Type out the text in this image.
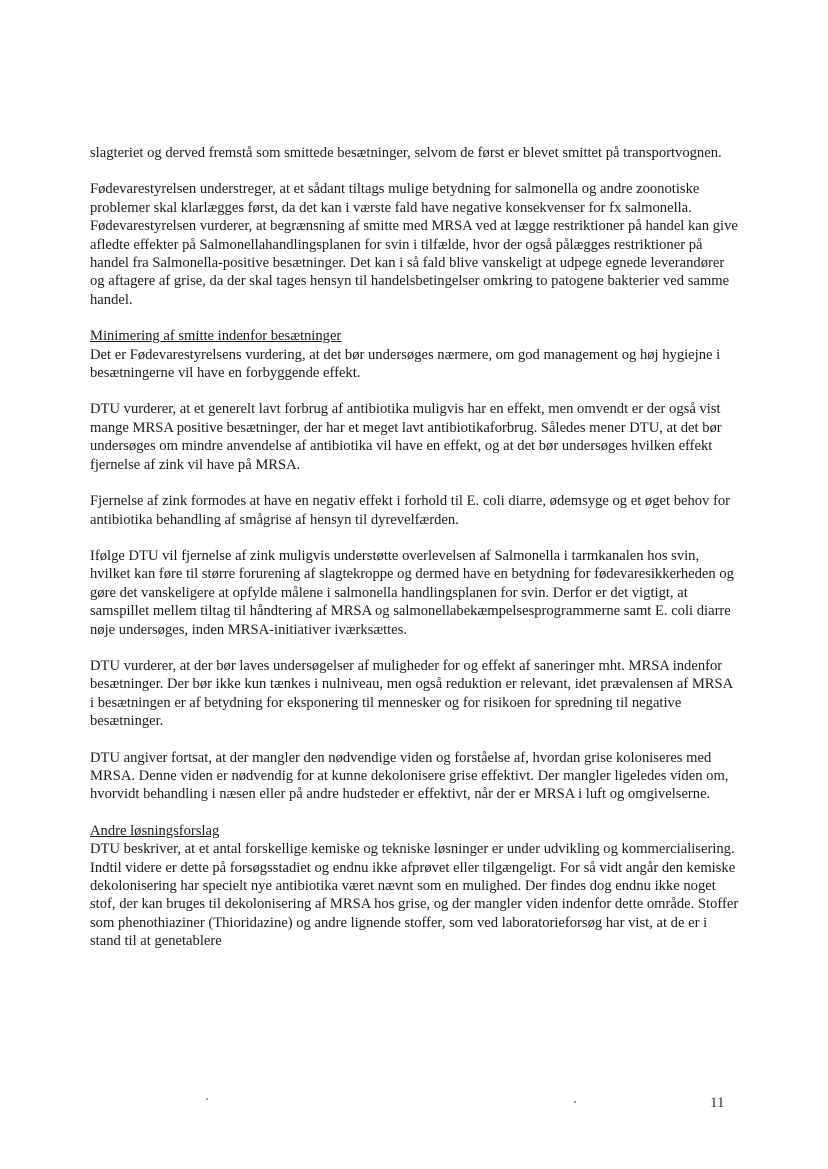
slagteriet og derved fremstå som smittede besætninger, selvom de først er blevet smittet på transportvognen.

Fødevarestyrelsen understreger, at et sådant tiltags mulige betydning for salmonella og andre zoonotiske problemer skal klarlægges først, da det kan i værste fald have negative konsekvenser for fx salmonella. Fødevarestyrelsen vurderer, at begrænsning af smitte med MRSA ved at lægge restriktioner på handel kan give afledte effekter på Salmonellahandlingsplanen for svin i tilfælde, hvor der også pålægges restriktioner på handel fra Salmonella-positive besætninger. Det kan i så fald blive vanskeligt at udpege egnede leverandører og aftagere af grise, da der skal tages hensyn til handelsbetingelser omkring to patogene bakterier ved samme handel.

Minimering af smitte indenfor besætninger

Det er Fødevarestyrelsens vurdering, at det bør undersøges nærmere, om god management og høj hygiejne i besætningerne vil have en forbyggende effekt.

DTU vurderer, at et generelt lavt forbrug af antibiotika muligvis har en effekt, men omvendt er der også vist mange MRSA positive besætninger, der har et meget lavt antibiotikaforbrug. Således mener DTU, at det bør undersøges om mindre anvendelse af antibiotika vil have en effekt, og at det bør undersøges hvilken effekt fjernelse af zink vil have på MRSA.

Fjernelse af zink formodes at have en negativ effekt i forhold til E. coli diarre, ødemsyge og et øget behov for antibiotika behandling af smågrise af hensyn til dyrevelfærden.

Ifølge DTU vil fjernelse af zink muligvis understøtte overlevelsen af Salmonella i tarmkanalen hos svin, hvilket kan føre til større forurening af slagtekroppe og dermed have en betydning for fødevaresikkerheden og gøre det vanskeligere at opfylde målene i salmonella handlingsplanen for svin. Derfor er det vigtigt, at samspillet mellem tiltag til håndtering af MRSA og salmonellabekæmpelsesprogrammerne samt E. coli diarre nøje undersøges, inden MRSA-initiativer iværksættes.

DTU vurderer, at der bør laves undersøgelser af muligheder for og effekt af saneringer mht. MRSA indenfor besætninger. Der bør ikke kun tænkes i nulniveau, men også reduktion er relevant, idet prævalensen af MRSA i besætningen er af betydning for eksponering til mennesker og for risikoen for spredning til negative besætninger.

DTU angiver fortsat, at der mangler den nødvendige viden og forståelse af, hvordan grise koloniseres med MRSA. Denne viden er nødvendig for at kunne dekolonisere grise effektivt. Der mangler ligeledes viden om, hvorvidt behandling i næsen eller på andre hudsteder er effektivt, når der er MRSA i luft og omgivelserne.

Andre løsningsforslag

DTU beskriver, at et antal forskellige kemiske og tekniske løsninger er under udvikling og kommercialisering. Indtil videre er dette på forsøgsstadiet og endnu ikke afprøvet eller tilgængeligt. For så vidt angår den kemiske dekolonisering har specielt nye antibiotika været nævnt som en mulighed. Der findes dog endnu ikke noget stof, der kan bruges til dekolonisering af MRSA hos grise, og der mangler viden indenfor dette område. Stoffer som phenothiaziner (Thioridazine) og andre lignende stoffer, som ved laboratorieforsøg har vist, at de er i stand til at genetablere

11
